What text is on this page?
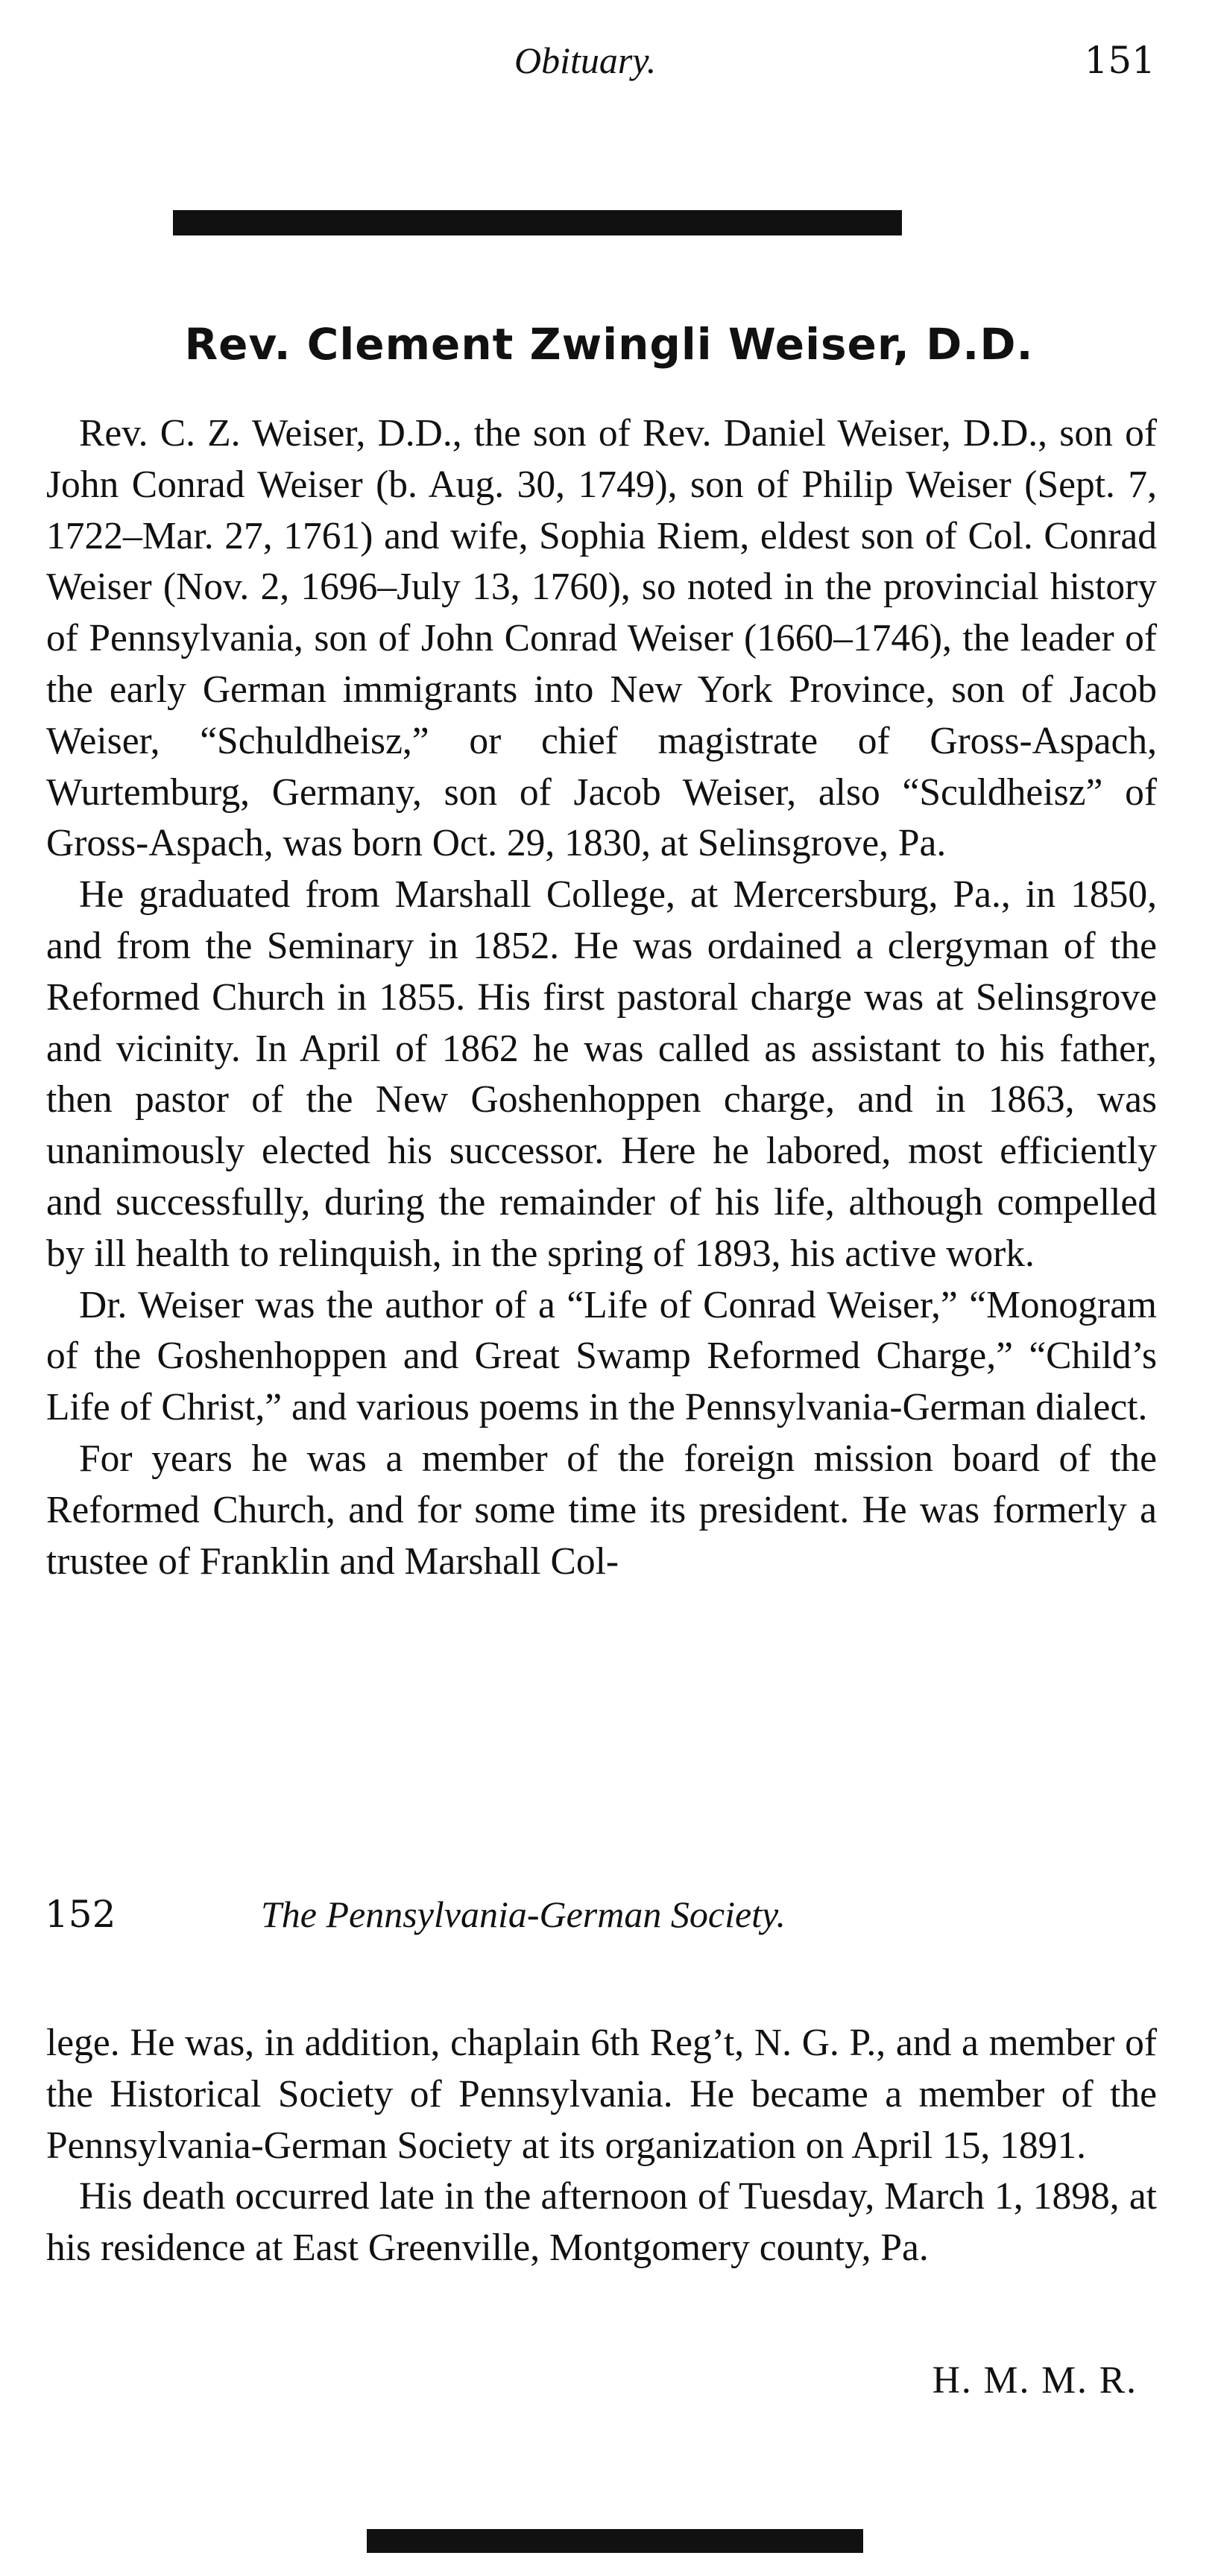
Obituary.	151
Rev. Clement Zwingli Weiser, D.D.

Rev. C. Z. Weiser, D.D., the son of Rev. Daniel Weiser, D.D., son of John Conrad Weiser (b. Aug. 30, 1749), son of Philip Weiser (Sept. 7, 1722–Mar. 27, 1761) and wife, Sophia Riem, eldest son of Col. Conrad Weiser (Nov. 2, 1696–July 13, 1760), so noted in the provincial history of Pennsylvania, son of John Conrad Weiser (1660–1746), the leader of the early German immigrants into New York Province, son of Jacob Weiser, “Schuldheisz,” or chief magistrate of Gross-Aspach, Wurtemburg, Germany, son of Jacob Weiser, also “Sculdheisz” of Gross-Aspach, was born Oct. 29, 1830, at Selinsgrove, Pa.

He graduated from Marshall College, at Mercersburg, Pa., in 1850, and from the Seminary in 1852. He was ordained a clergyman of the Reformed Church in 1855. His first pastoral charge was at Selinsgrove and vicinity. In April of 1862 he was called as assistant to his father, then pastor of the New Goshenhoppen charge, and in 1863, was unanimously elected his successor. Here he labored, most efficiently and successfully, during the remainder of his life, although compelled by ill health to relinquish, in the spring of 1893, his active work.

Dr. Weiser was the author of a “Life of Conrad Weiser,” “Monogram of the Goshenhoppen and Great Swamp Reformed Charge,” “Child’s Life of Christ,” and various poems in the Pennsylvania-German dialect.

For years he was a member of the foreign mission board of the Reformed Church, and for some time its president. He was formerly a trustee of Franklin and Marshall Col-

152	The Pennsylvania-German Society.

lege. He was, in addition, chaplain 6th Reg’t, N. G. P., and a member of the Historical Society of Pennsylvania. He became a member of the Pennsylvania-German Society at its organization on April 15, 1891.

His death occurred late in the afternoon of Tuesday, March 1, 1898, at his residence at East Greenville, Montgomery county, Pa.

H. M. M. R.
